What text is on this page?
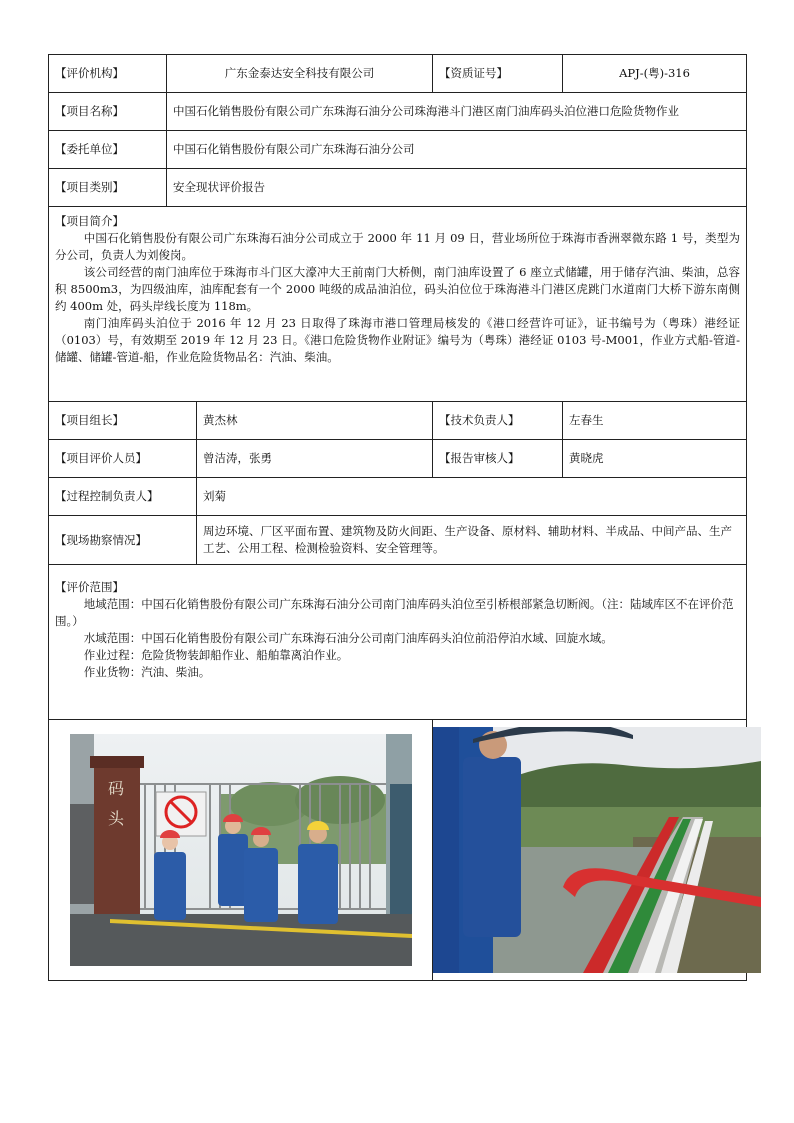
【评价机构】	广东金泰达安全科技有限公司		【资质证号】	APJ-(粤)-316
【项目名称】	中国石化销售股份有限公司广东珠海石油分公司珠海港斗门港区南门油库码头泊位港口危险货物作业			
【委托单位】	中国石化销售股份有限公司广东珠海石油分公司			
【项目类别】	安全现状评价报告			

【项目简介】

中国石化销售股份有限公司广东珠海石油分公司成立于 2000 年 11 月 09 日，营业场所位于珠海市香洲翠微东路 1 号，类型为分公司，负责人为刘俊岗。

该公司经营的南门油库位于珠海市斗门区大濠冲大王前南门大桥侧，南门油库设置了 6 座立式储罐，用于储存汽油、柴油，总容积 8500m3，为四级油库，油库配套有一个 2000 吨级的成品油泊位，码头泊位位于珠海港斗门港区虎跳门水道南门大桥下游东南侧约 400m 处，码头岸线长度为 118m。

南门油库码头泊位于 2016 年 12 月 23 日取得了珠海市港口管理局核发的《港口经营许可证》，证书编号为（粤珠）港经证（0103）号，有效期至 2019 年 12 月 23 日。《港口危险货物作业附证》编号为（粤珠）港经证 0103 号-M001，作业方式船-管道-储罐、储罐-管道-船，作业危险货物品名：汽油、柴油。				

【项目组长】		黄杰林	【技术负责人】	左春生
【项目评价人员】		曾洁涛，张勇	【报告审核人】	黄晓虎
【过程控制负责人】		刘菊		
【现场勘察情况】		周边环境、厂区平面布置、建筑物及防火间距、生产设备、原材料、辅助材料、半成品、中间产品、生产工艺、公用工程、检测检验资料、安全管理等。		

【评价范围】

地域范围：中国石化销售股份有限公司广东珠海石油分公司南门油库码头泊位至引桥根部紧急切断阀。（注：陆域库区不在评价范围。）

水域范围：中国石化销售股份有限公司广东珠海石油分公司南门油库码头泊位前沿停泊水域、回旋水域。

作业过程：危险货物装卸船作业、船舶靠离泊作业。

作业货物：汽油、柴油。				

码
头
